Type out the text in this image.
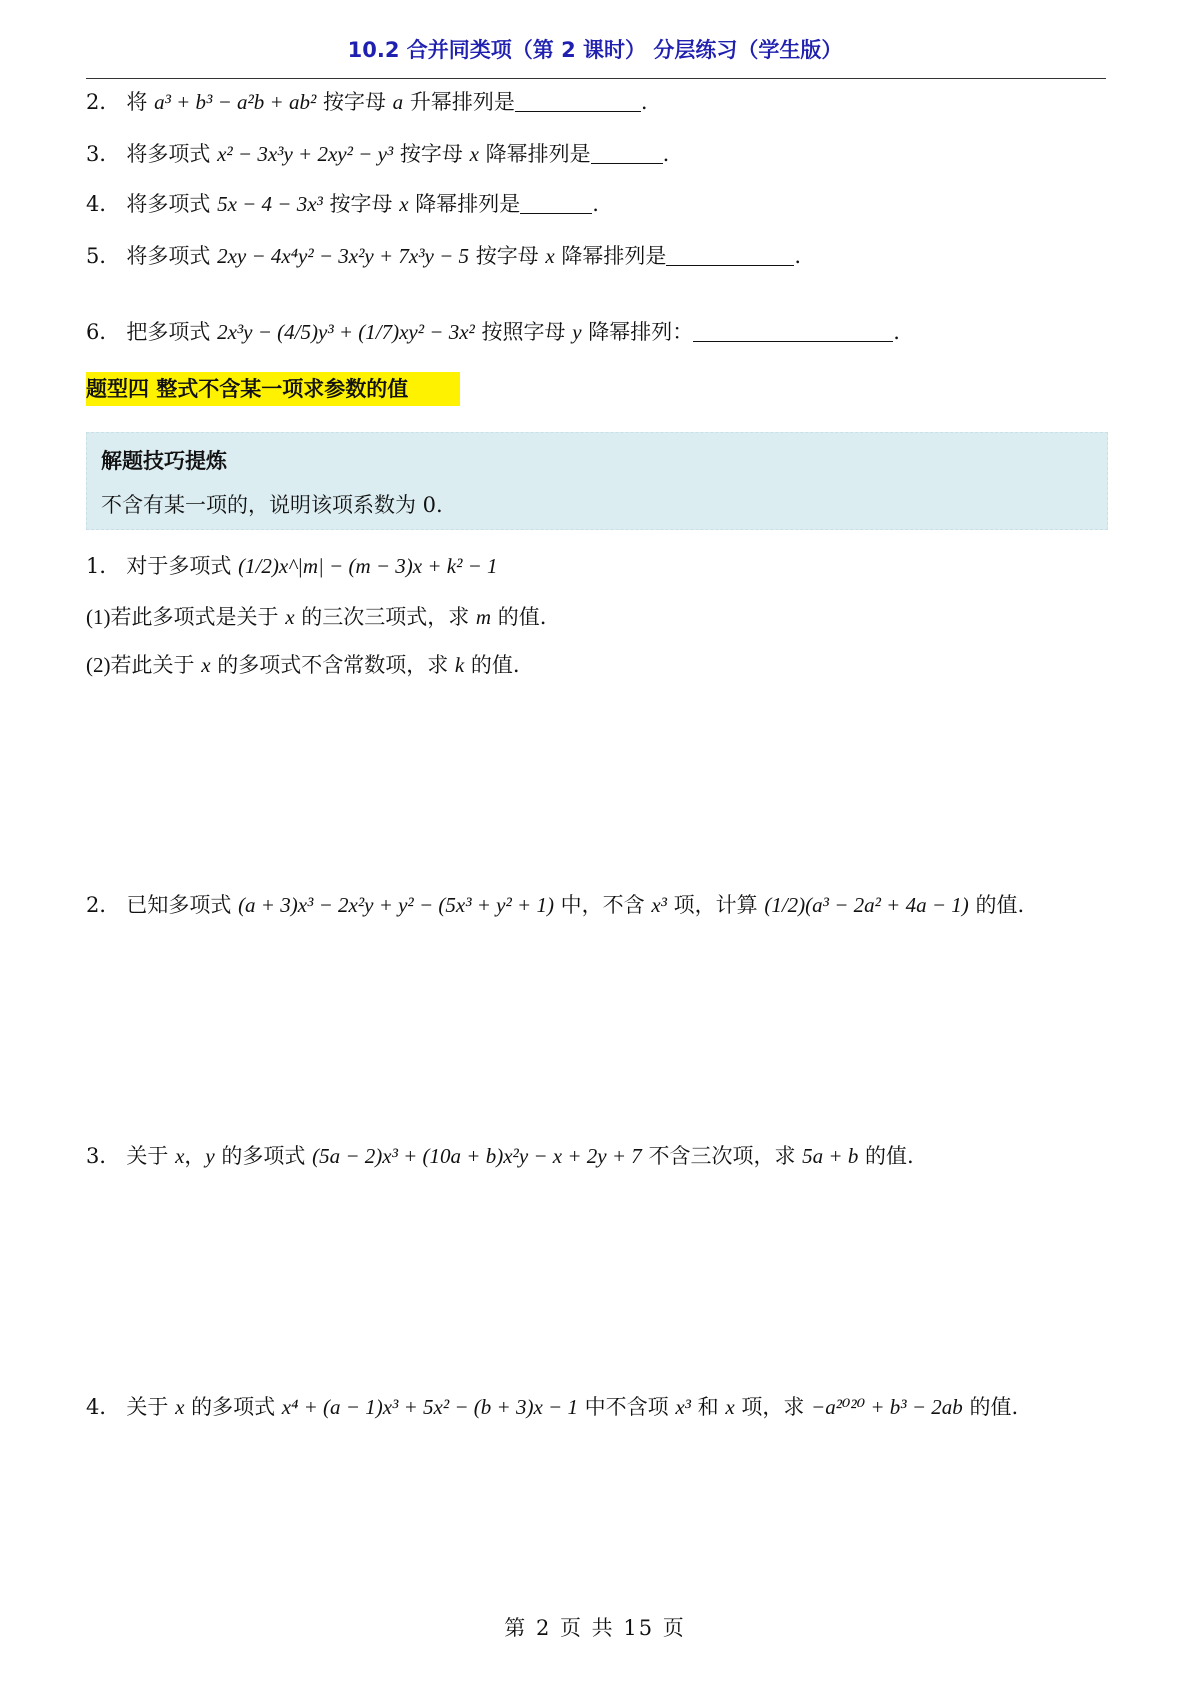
10.2 合并同类项（第 2 课时） 分层练习（学生版）
2． 将 a³ + b³ − a²b + ab² 按字母 a 升幂排列是	.
3． 将多项式 x² − 3x³y + 2xy² − y³ 按字母 x 降幂排列是	.
4． 将多项式 5x − 4 − 3x³ 按字母 x 降幂排列是	.
5． 将多项式 2xy − 4x⁴y² − 3x²y + 7x³y − 5 按字母 x 降幂排列是	.
6． 把多项式 2x³y − (4/5)y³ + (1/7)xy² − 3x² 按照字母 y 降幂排列：	.
题型四 整式不含某一项求参数的值
解题技巧提炼
不含有某一项的，说明该项系数为 0.
1． 对于多项式 (1/2)x^|m| − (m − 3)x + k² − 1
(1)若此多项式是关于 x 的三次三项式，求 m 的值.
(2)若此关于 x 的多项式不含常数项，求 k 的值.
2． 已知多项式 (a + 3)x³ − 2x²y + y² − (5x³ + y² + 1) 中，不含 x³ 项，计算 (1/2)(a³ − 2a² + 4a − 1) 的值.
3． 关于 x，y 的多项式 (5a − 2)x³ + (10a + b)x²y − x + 2y + 7 不含三次项，求 5a + b 的值.
4． 关于 x 的多项式 x⁴ + (a − 1)x³ + 5x² − (b + 3)x − 1 中不含项 x³ 和 x 项，求 −a²⁰²⁰ + b³ − 2ab 的值.
第 2 页 共 15 页
